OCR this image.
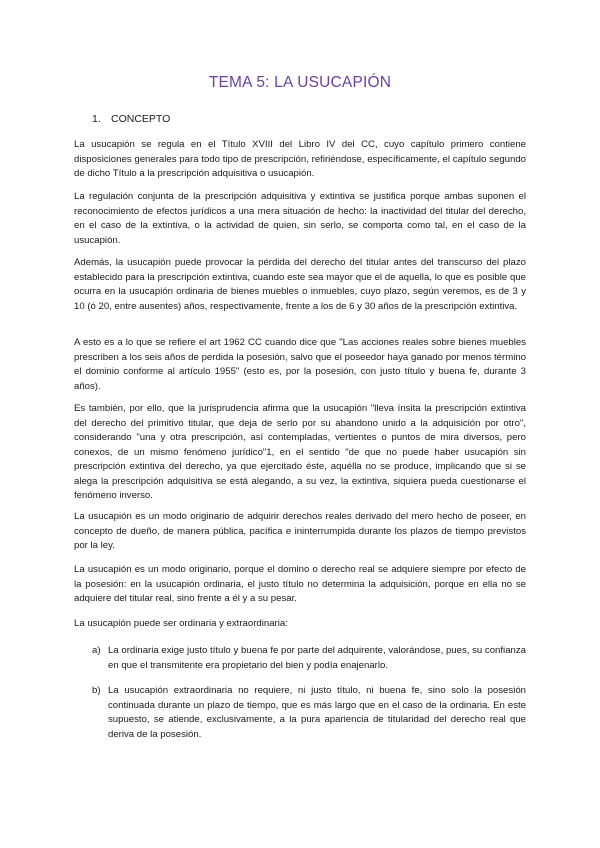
TEMA 5: LA USUCAPIÓN
1. CONCEPTO

La usucapión se regula en el Título XVIII del Libro IV del CC, cuyo capítulo primero contiene disposiciones generales para todo tipo de prescripción, refiriéndose, específicamente, el capítulo segundo de dicho Título a la prescripción adquisitiva o usucapión.

La regulación conjunta de la prescripción adquisitiva y extintiva se justifica porque ambas suponen el reconocimiento de efectos jurídicos a una mera situación de hecho: la inactividad del titular del derecho, en el caso de la extintiva, o la actividad de quien, sin serlo, se comporta como tal, en el caso de la usucapión.

Además, la usucapión puede provocar la pérdida del derecho del titular antes del transcurso del plazo establecido para la prescripción extintiva, cuando este sea mayor que el de aquella, lo que es posible que ocurra en la usucapión ordinaria de bienes muebles o inmuebles, cuyo plazo, según veremos, es de 3 y 10 (ó 20, entre ausentes) años, respectivamente, frente a los de 6 y 30 años de la prescripción extintiva.

A esto es a lo que se refiere el art 1962 CC cuando dice que "Las acciones reales sobre bienes muebles prescriben a los seis años de perdida la posesión, salvo que el poseedor haya ganado por menos término el dominio conforme al artículo 1955" (esto es, por la posesión, con justo título y buena fe, durante 3 años).

Es también, por ello, que la jurisprudencia afirma que la usucapión "lleva ínsita la prescripción extintiva del derecho del primitivo titular, que deja de serlo por su abandono unido a la adquisición por otro", considerando "una y otra prescripción, así contempladas, vertientes o puntos de mira diversos, pero conexos, de un mismo fenómeno jurídico"1, en el sentido "de que no puede haber usucapión sin prescripción extintiva del derecho, ya que ejercitado éste, aquélla no se produce, implicando que si se alega la prescripción adquisitiva se está alegando, a su vez, la extintiva, siquiera pueda cuestionarse el fenómeno inverso.

La usucapión es un modo originario de adquirir derechos reales derivado del mero hecho de poseer, en concepto de dueño, de manera pública, pacífica e ininterrumpida durante los plazos de tiempo previstos por la ley.

La usucapión es un modo originario, porque el domino o derecho real se adquiere siempre por efecto de la posesión: en la usucapión ordinaria, el justo título no determina la adquisición, porque en ella no se adquiere del titular real, sino frente a él y a su pesar.

La usucapión puede ser ordinaria y extraordinaria:

a) La ordinaria exige justo título y buena fe por parte del adquirente, valorándose, pues, su confianza en que el transmitente era propietario del bien y podía enajenarlo.
b) La usucapión extraordinaria no requiere, ni justo título, ni buena fe, sino solo la posesión continuada durante un plazo de tiempo, que es más largo que en el caso de la ordinaria. En este supuesto, se atiende, exclusivamente, a la pura apariencia de titularidad del derecho real que deriva de la posesión.
